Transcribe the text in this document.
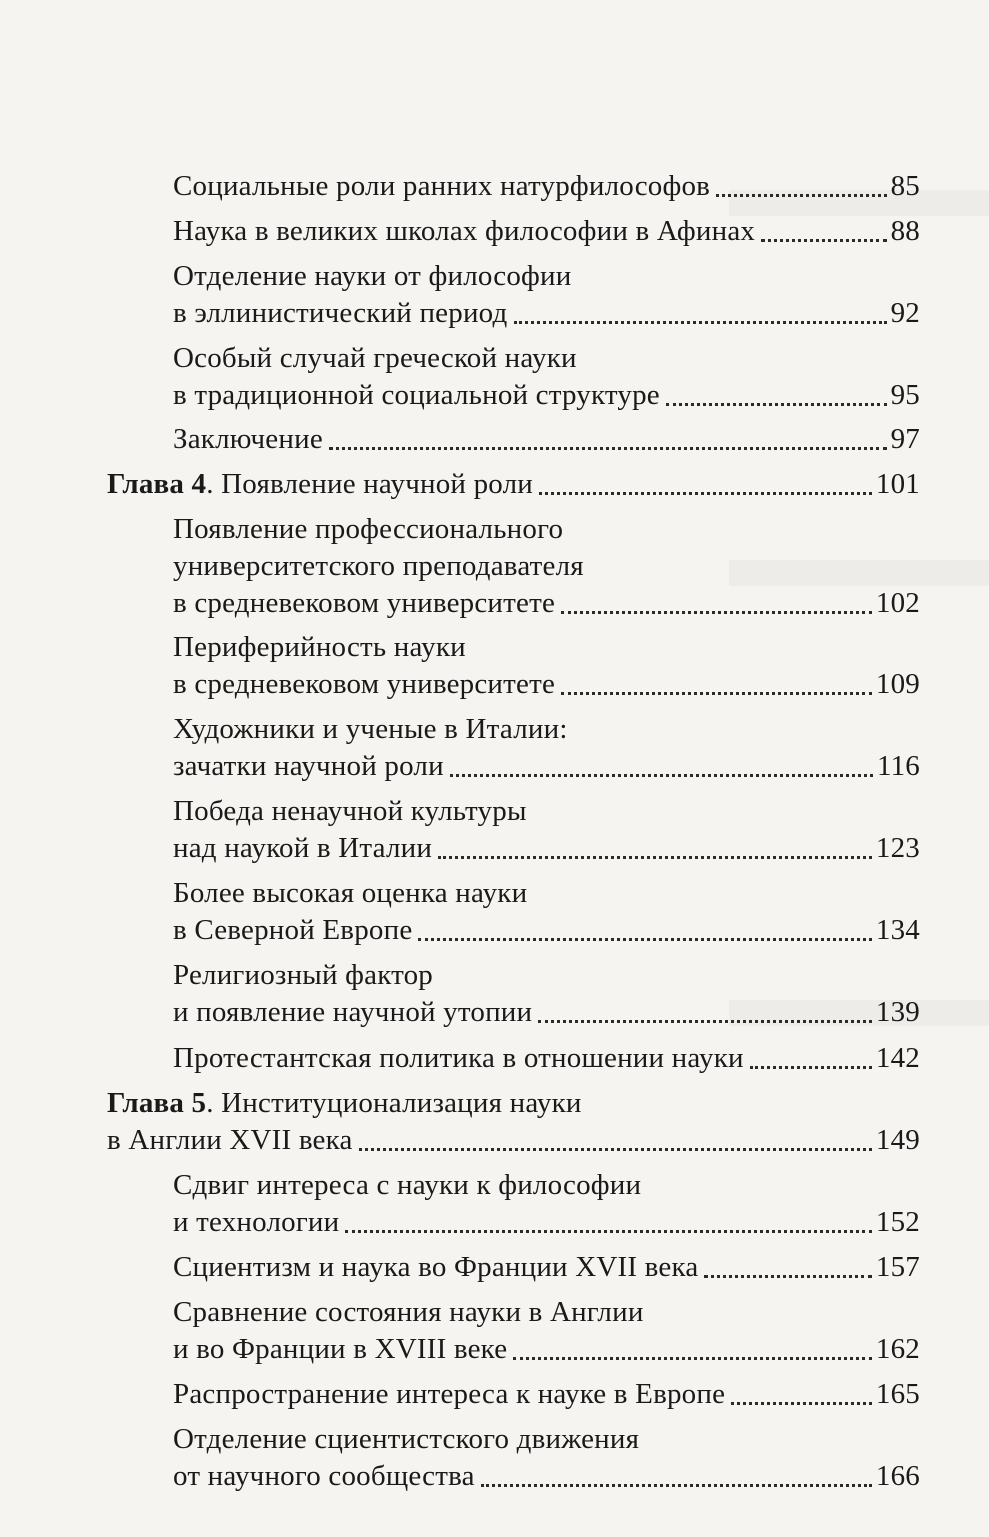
Социальные роли ранних натурфилософов	85
Наука в великих школах философии в Афинах	88
Отделение науки от философии
в эллинистический период	92
Особый случай греческой науки
в традиционной социальной структуре	95
Заключение	97
Глава 4. Появление научной роли	101
Появление профессионального
университетского преподавателя
в средневековом университете	102
Периферийность науки
в средневековом университете	109
Художники и ученые в Италии:
зачатки научной роли	116
Победа ненаучной культуры
над наукой в Италии	123
Более высокая оценка науки
в Северной Европе	134
Религиозный фактор
и появление научной утопии	139
Протестантская политика в отношении науки	142
Глава 5. Институционализация науки
в Англии XVII века	149
Сдвиг интереса с науки к философии
и технологии	152
Сциентизм и наука во Франции XVII века	157
Сравнение состояния науки в Англии
и во Франции в XVIII веке	162
Распространение интереса к науке в Европе	165
Отделение сциентистского движения
от научного сообщества	166
